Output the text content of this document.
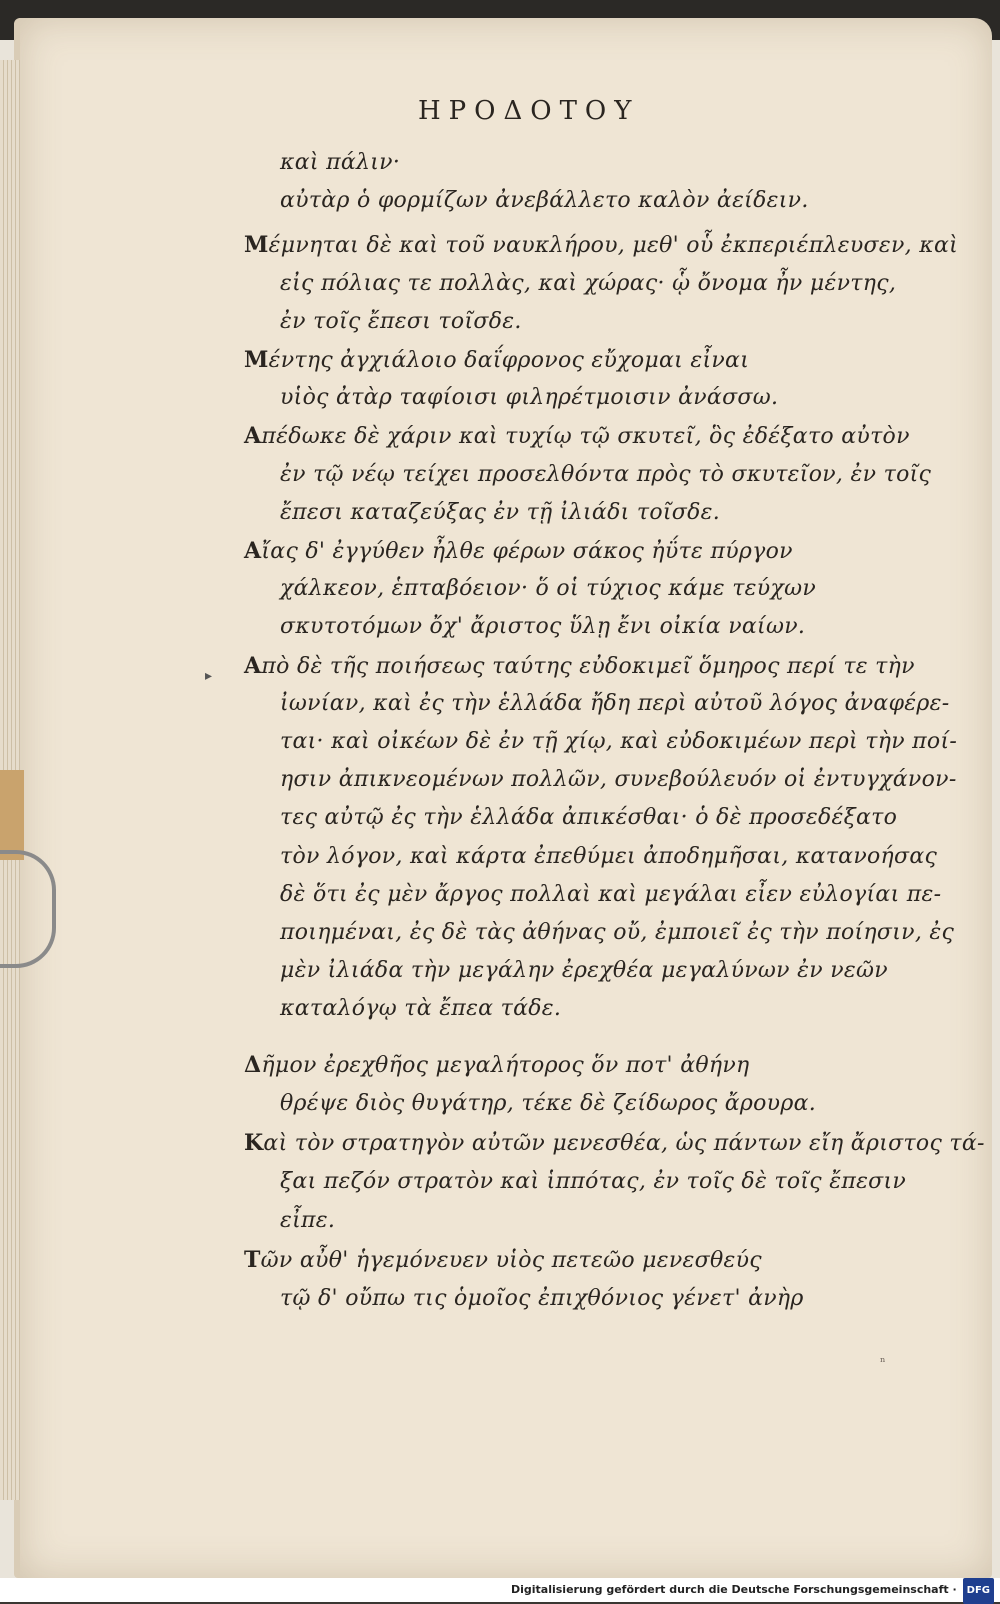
ΗΡΟΔΟΤΟΥ
καὶ πάλιν·
αὐτὰρ ὁ φορμίζων ἀνεβάλλετο καλὸν ἀείδειν.
Μέμνηται δὲ καὶ τοῦ ναυκλήρου, μεθ' οὗ ἐκπεριέπλευσεν, καὶ
εἰς πόλιας τε πολλὰς, καὶ χώρας· ᾧ ὄνομα ἦν μέντης,
ἐν τοῖς ἔπεσι τοῖσδε.
Μέντης ἀγχιάλοιο δαΐφρονος εὔχομαι εἶναι
υἱὸς ἀτὰρ ταφίοισι φιληρέτμοισιν ἀνάσσω.
Απέδωκε δὲ χάριν καὶ τυχίῳ τῷ σκυτεῖ, ὃς ἐδέξατο αὐτὸν
ἐν τῷ νέῳ τείχει προσελθόντα πρὸς τὸ σκυτεῖον, ἐν τοῖς
ἔπεσι καταζεύξας ἐν τῇ ἰλιάδι τοῖσδε.
Αἴας δ' ἐγγύθεν ἦλθε φέρων σάκος ἠΰτε πύργον
χάλκεον, ἑπταβόειον· ὅ οἱ τύχιος κάμε τεύχων
σκυτοτόμων ὄχ' ἄριστος ὕλῃ ἔνι οἰκία ναίων.
Απὸ δὲ τῆς ποιήσεως ταύτης εὐδοκιμεῖ ὅμηρος περί τε τὴν
ἰωνίαν, καὶ ἐς τὴν ἑλλάδα ἤδη περὶ αὐτοῦ λόγος ἀναφέρε-
ται· καὶ οἰκέων δὲ ἐν τῇ χίῳ, καὶ εὐδοκιμέων περὶ τὴν ποί-
ησιν ἀπικνεομένων πολλῶν, συνεβούλευόν οἱ ἐντυγχάνον-
τες αὐτῷ ἐς τὴν ἑλλάδα ἀπικέσθαι· ὁ δὲ προσεδέξατο
τὸν λόγον, καὶ κάρτα ἐπεθύμει ἀποδημῆσαι, κατανοήσας
δὲ ὅτι ἐς μὲν ἄργος πολλαὶ καὶ μεγάλαι εἶεν εὐλογίαι πε-
ποιημέναι, ἐς δὲ τὰς ἀθήνας οὔ, ἐμποιεῖ ἐς τὴν ποίησιν, ἐς
μὲν ἰλιάδα τὴν μεγάλην ἐρεχθέα μεγαλύνων ἐν νεῶν
καταλόγῳ τὰ ἔπεα τάδε.
Δῆμον ἐρεχθῆος μεγαλήτορος ὅν ποτ' ἀθήνη
θρέψε διὸς θυγάτηρ, τέκε δὲ ζείδωρος ἄρουρα.
Καὶ τὸν στρατηγὸν αὐτῶν μενεσθέα, ὡς πάντων εἴη ἄριστος τά-
ξαι πεζόν στρατὸν καὶ ἱππότας, ἐν τοῖς δὲ τοῖς ἔπεσιν
εἶπε.
Τῶν αὖθ' ἡγεμόνευεν υἱὸς πετεῶο μενεσθεύς
τῷ δ' οὔπω τις ὁμοῖος ἐπιχθόνιος γένετ' ἀνὴρ
▸
ⁿ
Digitalisierung gefördert durch die Deutsche Forschungsgemeinschaft · DFG
